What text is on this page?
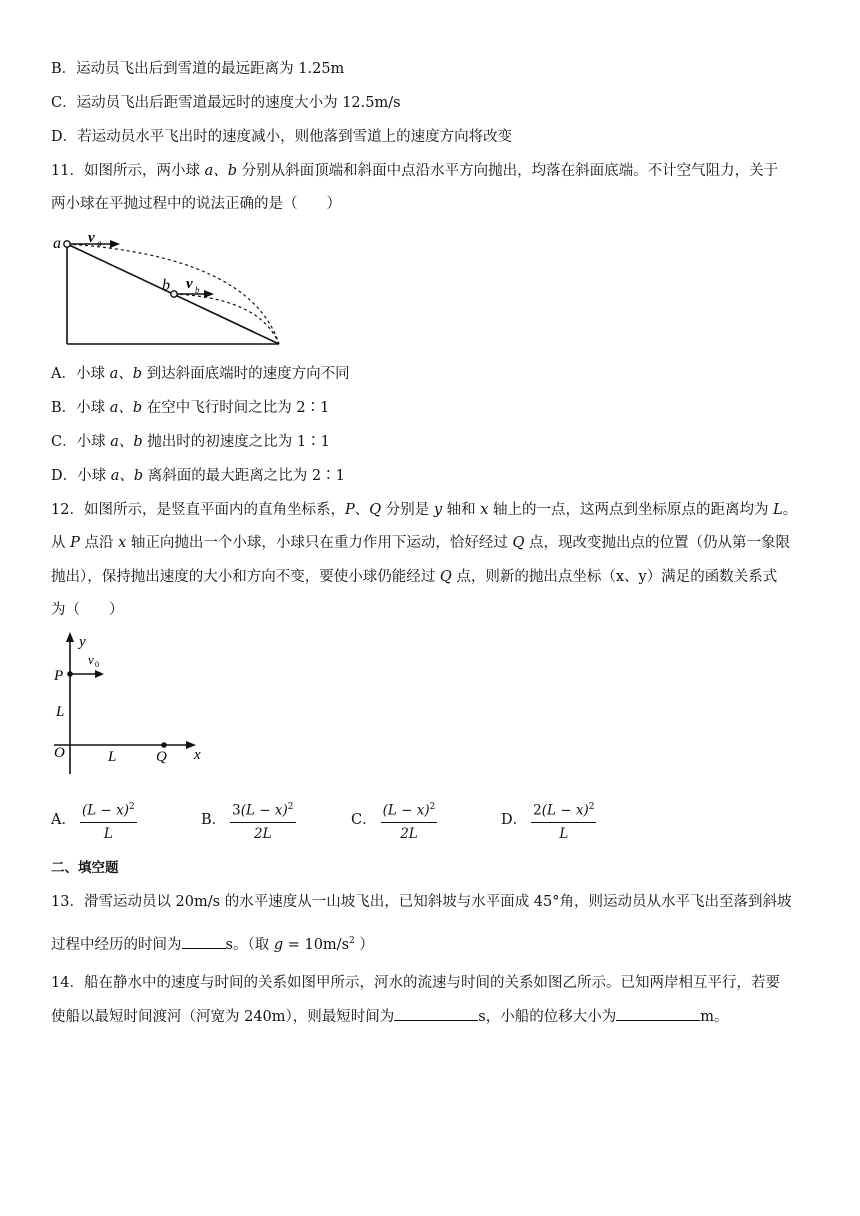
B．运动员飞出后到雪道的最远距离为 1.25m
C．运动员飞出后距雪道最远时的速度大小为 12.5m/s
D．若运动员水平飞出时的速度减小，则他落到雪道上的速度方向将改变
11．如图所示，两小球 a、b 分别从斜面顶端和斜面中点沿水平方向抛出，均落在斜面底端。不计空气阻力，关于
两小球在平抛过程中的说法正确的是（　　）
a v a
b v b
A．小球 a、b 到达斜面底端时的速度方向不同
B．小球 a、b 在空中飞行时间之比为 2∶1
C．小球 a、b 抛出时的初速度之比为 1∶1
D．小球 a、b 离斜面的最大距离之比为 2∶1
12．如图所示，是竖直平面内的直角坐标系，P、Q 分别是 y 轴和 x 轴上的一点，这两点到坐标原点的距离均为 L。
从 P 点沿 x 轴正向抛出一个小球，小球只在重力作用下运动，恰好经过 Q 点，现改变抛出点的位置（仍从第一象限
抛出），保持抛出速度的大小和方向不变，要使小球仍能经过 Q 点，则新的抛出点坐标（x、y）满足的函数关系式
为（　　）
y
v 0
P
L
O	L	Q x
A． $\frac{(L - x)^2}{L}$	B． $\frac{3(L - x)^2}{2L}$	C． $\frac{(L - x)^2}{2L}$	D． $\frac{2(L - x)^2}{L}$
二、填空题
13．滑雪运动员以 20m/s 的水平速度从一山坡飞出，已知斜坡与水平面成 45°角，则运动员从水平飞出至落到斜坡
过程中经历的时间为	s。（取 $g = 10m/s^2$ ）
14．船在静水中的速度与时间的关系如图甲所示，河水的流速与时间的关系如图乙所示。已知两岸相互平行，若要
使船以最短时间渡河（河宽为 240m），则最短时间为	s，小船的位移大小为	m。
